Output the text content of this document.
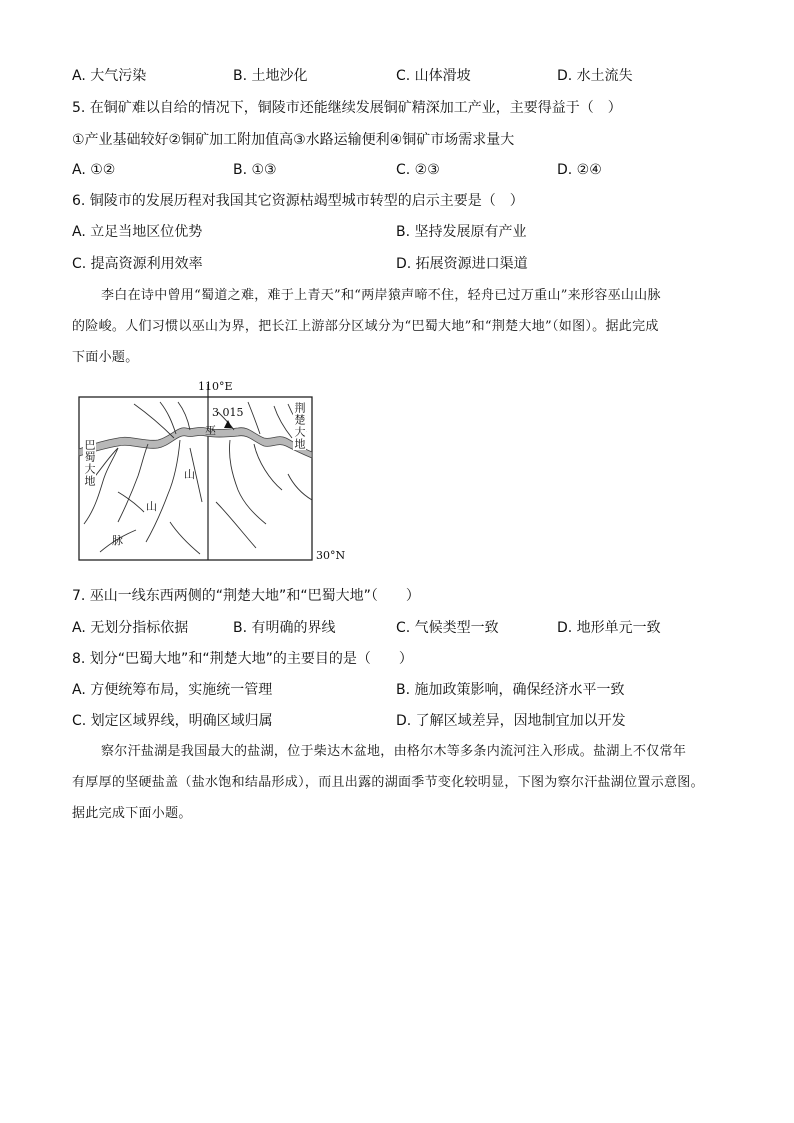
A. 大气污染	B. 土地沙化	C. 山体滑坡	D. 水土流失
5. 在铜矿难以自给的情况下，铜陵市还能继续发展铜矿精深加工产业，主要得益于（　）
①产业基础较好②铜矿加工附加值高③水路运输便利④铜矿市场需求量大
A. ①②	B. ①③	C. ②③	D. ②④
6. 铜陵市的发展历程对我国其它资源枯竭型城市转型的启示主要是（　）
A. 立足当地区位优势	B. 坚持发展原有产业
C. 提高资源利用效率	D. 拓展资源进口渠道
李白在诗中曾用“蜀道之难，难于上青天”和“两岸猿声啼不住，轻舟已过万重山”来形容巫山山脉
的险峻。人们习惯以巫山为界，把长江上游部分区域分为“巴蜀大地”和“荆楚大地”（如图）。据此完成
下面小题。
110°E
30°N
3 015
巫
山
山
脉
巴蜀大地
荆楚大地
7. 巫山一线东西两侧的“荆楚大地”和“巴蜀大地”（　　）
A. 无划分指标依据	B. 有明确的界线	C. 气候类型一致	D. 地形单元一致
8. 划分“巴蜀大地”和“荆楚大地”的主要目的是（　　）
A. 方便统筹布局，实施统一管理	B. 施加政策影响，确保经济水平一致
C. 划定区域界线，明确区域归属	D. 了解区域差异，因地制宜加以开发
察尔汗盐湖是我国最大的盐湖，位于柴达木盆地，由格尔木等多条内流河注入形成。盐湖上不仅常年
有厚厚的坚硬盐盖（盐水饱和结晶形成），而且出露的湖面季节变化较明显，下图为察尔汗盐湖位置示意图。
据此完成下面小题。
